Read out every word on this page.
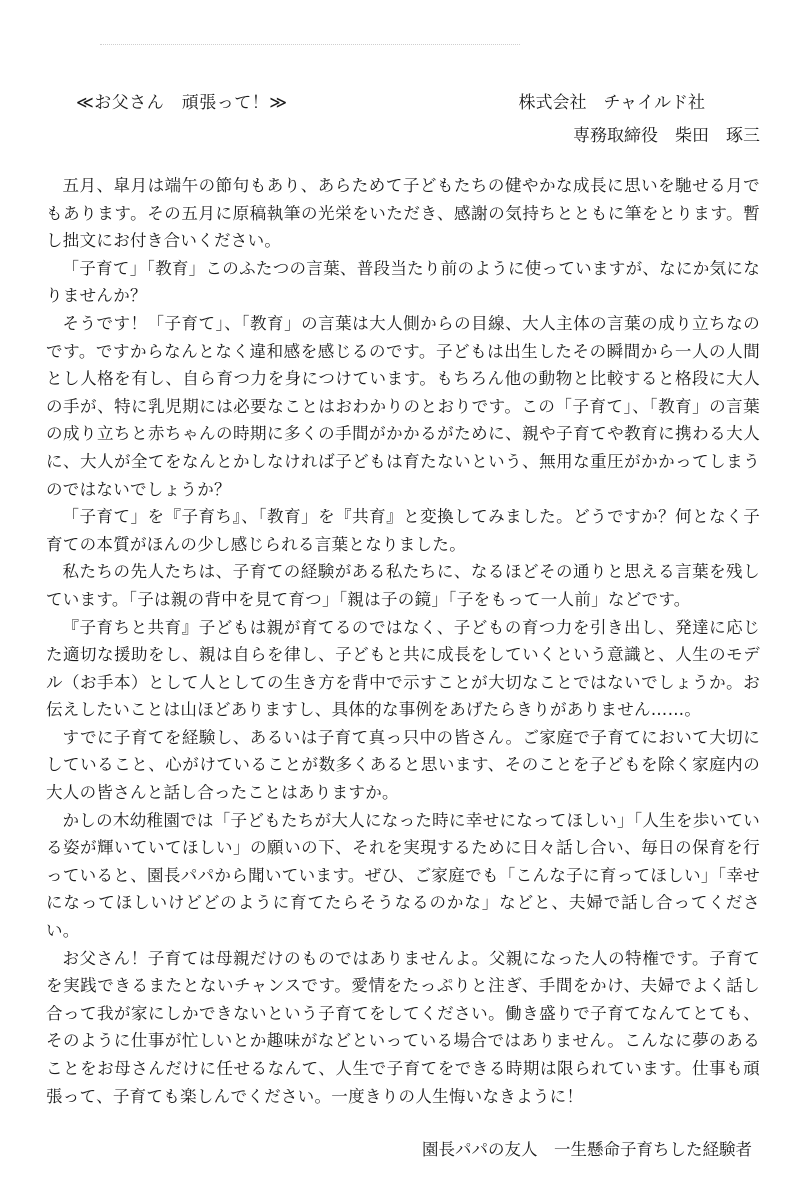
≪お父さん　頑張って！≫	株式会社　チャイルド社
専務取締役　柴田　琢三

五月、皐月は端午の節句もあり、あらためて子どもたちの健やかな成長に思いを馳せる月でもあります。その五月に原稿執筆の光栄をいただき、感謝の気持ちとともに筆をとります。暫し拙文にお付き合いください。

「子育て」「教育」このふたつの言葉、普段当たり前のように使っていますが、なにか気になりませんか？

そうです！「子育て」、「教育」の言葉は大人側からの目線、大人主体の言葉の成り立ちなのです。ですからなんとなく違和感を感じるのです。子どもは出生したその瞬間から一人の人間とし人格を有し、自ら育つ力を身につけています。もちろん他の動物と比較すると格段に大人の手が、特に乳児期には必要なことはおわかりのとおりです。この「子育て」、「教育」の言葉の成り立ちと赤ちゃんの時期に多くの手間がかかるがために、親や子育てや教育に携わる大人に、大人が全てをなんとかしなければ子どもは育たないという、無用な重圧がかかってしまうのではないでしょうか？

「子育て」を『子育ち』、「教育」を『共育』と変換してみました。どうですか？何となく子育ての本質がほんの少し感じられる言葉となりました。

私たちの先人たちは、子育ての経験がある私たちに、なるほどその通りと思える言葉を残しています。「子は親の背中を見て育つ」「親は子の鏡」「子をもって一人前」などです。

『子育ちと共育』子どもは親が育てるのではなく、子どもの育つ力を引き出し、発達に応じた適切な援助をし、親は自らを律し、子どもと共に成長をしていくという意識と、人生のモデル（お手本）として人としての生き方を背中で示すことが大切なことではないでしょうか。お伝えしたいことは山ほどありますし、具体的な事例をあげたらきりがありません……。

すでに子育てを経験し、あるいは子育て真っ只中の皆さん。ご家庭で子育てにおいて大切にしていること、心がけていることが数多くあると思います、そのことを子どもを除く家庭内の大人の皆さんと話し合ったことはありますか。

かしの木幼稚園では「子どもたちが大人になった時に幸せになってほしい」「人生を歩いている姿が輝いていてほしい」の願いの下、それを実現するために日々話し合い、毎日の保育を行っていると、園長パパから聞いています。ぜひ、ご家庭でも「こんな子に育ってほしい」「幸せになってほしいけどどのように育てたらそうなるのかな」などと、夫婦で話し合ってください。

お父さん！子育ては母親だけのものではありませんよ。父親になった人の特権です。子育てを実践できるまたとないチャンスです。愛情をたっぷりと注ぎ、手間をかけ、夫婦でよく話し合って我が家にしかできないという子育てをしてください。働き盛りで子育てなんてとても、そのように仕事が忙しいとか趣味がなどといっている場合ではありません。こんなに夢のあることをお母さんだけに任せるなんて、人生で子育てをできる時期は限られています。仕事も頑張って、子育ても楽しんでください。一度きりの人生悔いなきように！

園長パパの友人　一生懸命子育ちした経験者
